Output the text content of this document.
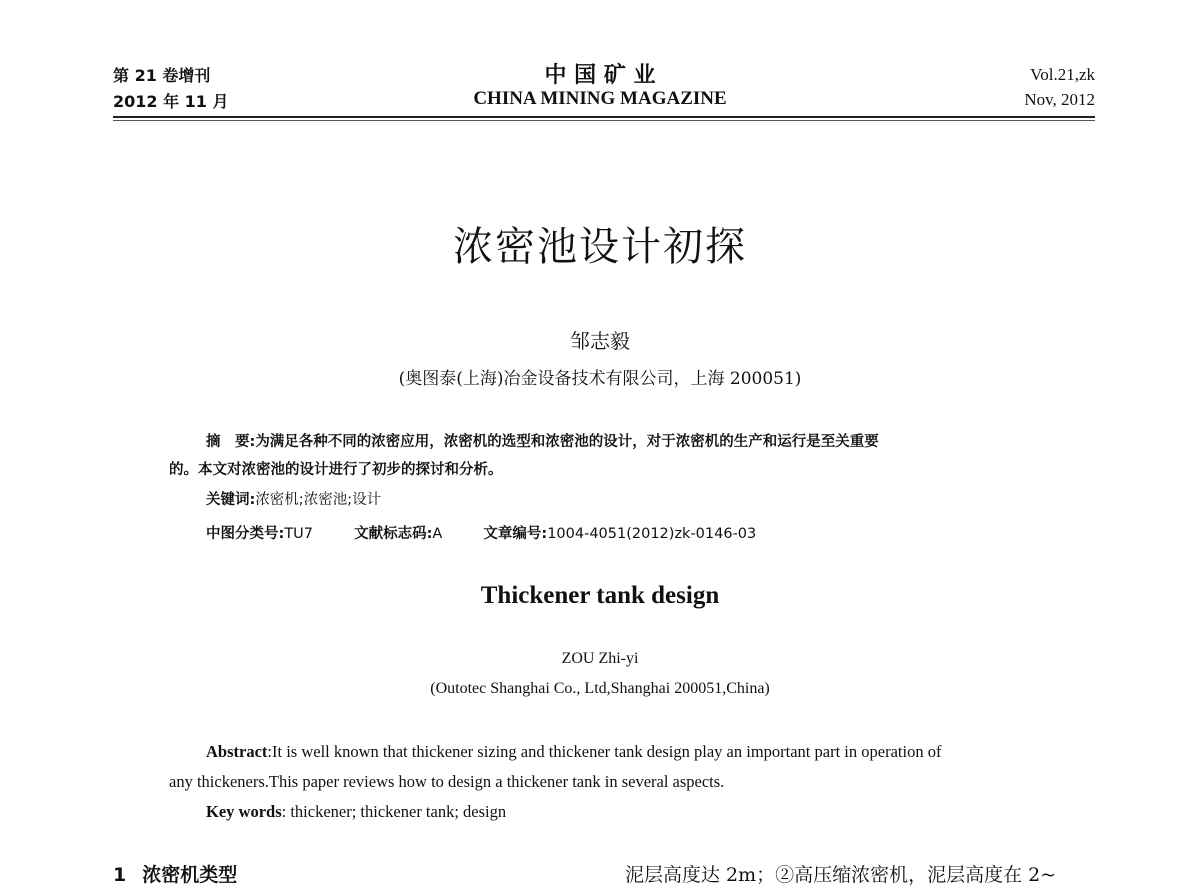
第 21 卷增刊
2012 年 11 月
中 国 矿 业
CHINA MINING MAGAZINE
Vol.21,zk
Nov, 2012
浓密池设计初探
邹志毅
(奥图泰(上海)冶金设备技术有限公司，上海 200051)
摘　要:为满足各种不同的浓密应用，浓密机的选型和浓密池的设计，对于浓密机的生产和运行是至关重要
的。本文对浓密池的设计进行了初步的探讨和分析。
关键词:浓密机;浓密池;设计
中图分类号:TU7	文献标志码:A	文章编号:1004-4051(2012)zk-0146-03
Thickener tank design
ZOU Zhi-yi
(Outotec Shanghai Co., Ltd,Shanghai 200051,China)
Abstract:It is well known that thickener sizing and thickener tank design play an important part in operation of
any thickeners.This paper reviews how to design a thickener tank in several aspects.
Key words: thickener; thickener tank; design
1 浓密机类型	泥层高度达 2m；②高压缩浓密机，泥层高度在 2~
